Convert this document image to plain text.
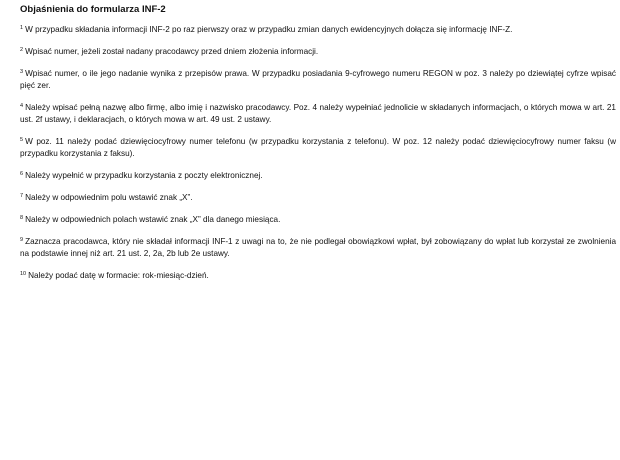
Objaśnienia do formularza INF-2

$^1$ W przypadku składania informacji INF-2 po raz pierwszy oraz w przypadku zmian danych ewidencyjnych dołącza się informację INF-Z.

$^2$ Wpisać numer, jeżeli został nadany pracodawcy przed dniem złożenia informacji.

$^3$ Wpisać numer, o ile jego nadanie wynika z przepisów prawa. W przypadku posiadania 9-cyfrowego numeru REGON w poz. 3 należy po dziewiątej cyfrze wpisać pięć zer.

$^4$ Należy wpisać pełną nazwę albo firmę, albo imię i nazwisko pracodawcy. Poz. 4 należy wypełniać jednolicie w składanych informacjach, o których mowa w art. 21 ust. 2f ustawy, i deklaracjach, o których mowa w art. 49 ust. 2 ustawy.

$^5$ W poz. 11 należy podać dziewięciocyfrowy numer telefonu (w przypadku korzystania z telefonu). W poz. 12 należy podać dziewięciocyfrowy numer faksu (w przypadku korzystania z faksu).

$^6$ Należy wypełnić w przypadku korzystania z poczty elektronicznej.

$^7$ Należy w odpowiednim polu wstawić znak „X”.

$^8$ Należy w odpowiednich polach wstawić znak „X” dla danego miesiąca.

$^9$ Zaznacza pracodawca, który nie składał informacji INF-1 z uwagi na to, że nie podlegał obowiązkowi wpłat, był zobowiązany do wpłat lub korzystał ze zwolnienia na podstawie innej niż art. 21 ust. 2, 2a, 2b lub 2e ustawy.

$^{10}$ Należy podać datę w formacie: rok-miesiąc-dzień.
